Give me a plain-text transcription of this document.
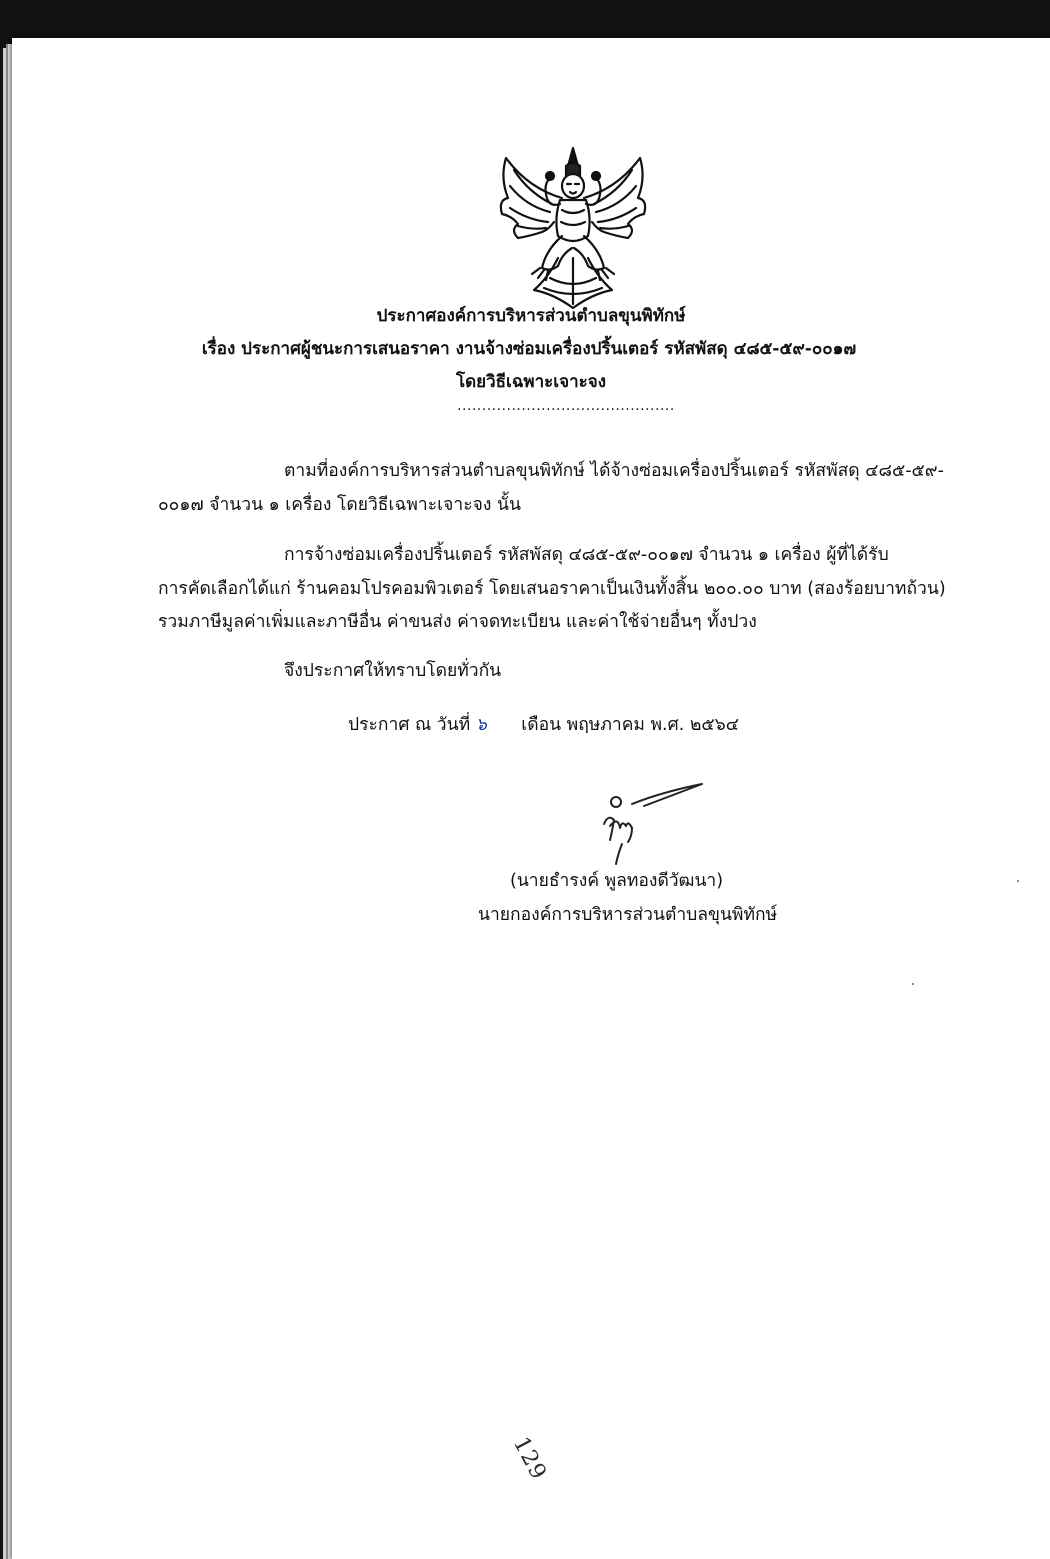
ประกาศองค์การบริหารส่วนตำบลขุนพิทักษ์
เรื่อง ประกาศผู้ชนะการเสนอราคา งานจ้างซ่อมเครื่องปริ้นเตอร์ รหัสพัสดุ ๔๘๕-๕๙-๐๐๑๗
โดยวิธีเฉพาะเจาะจง
............................................
ตามที่องค์การบริหารส่วนตำบลขุนพิทักษ์ ได้จ้างซ่อมเครื่องปริ้นเตอร์ รหัสพัสดุ ๔๘๕-๕๙-
๐๐๑๗ จำนวน ๑ เครื่อง โดยวิธีเฉพาะเจาะจง นั้น
การจ้างซ่อมเครื่องปริ้นเตอร์ รหัสพัสดุ ๔๘๕-๕๙-๐๐๑๗ จำนวน ๑ เครื่อง ผู้ที่ได้รับ
การคัดเลือกได้แก่ ร้านคอมโปรคอมพิวเตอร์ โดยเสนอราคาเป็นเงินทั้งสิ้น ๒๐๐.๐๐ บาท (สองร้อยบาทถ้วน)
รวมภาษีมูลค่าเพิ่มและภาษีอื่น ค่าขนส่ง ค่าจดทะเบียน และค่าใช้จ่ายอื่นๆ ทั้งปวง
จึงประกาศให้ทราบโดยทั่วกัน
ประกาศ ณ วันที่ ๖ เดือน พฤษภาคม พ.ศ. ๒๕๖๔
(นายธำรงค์ พูลทองดีวัฒนา)
นายกองค์การบริหารส่วนตำบลขุนพิทักษ์
129
